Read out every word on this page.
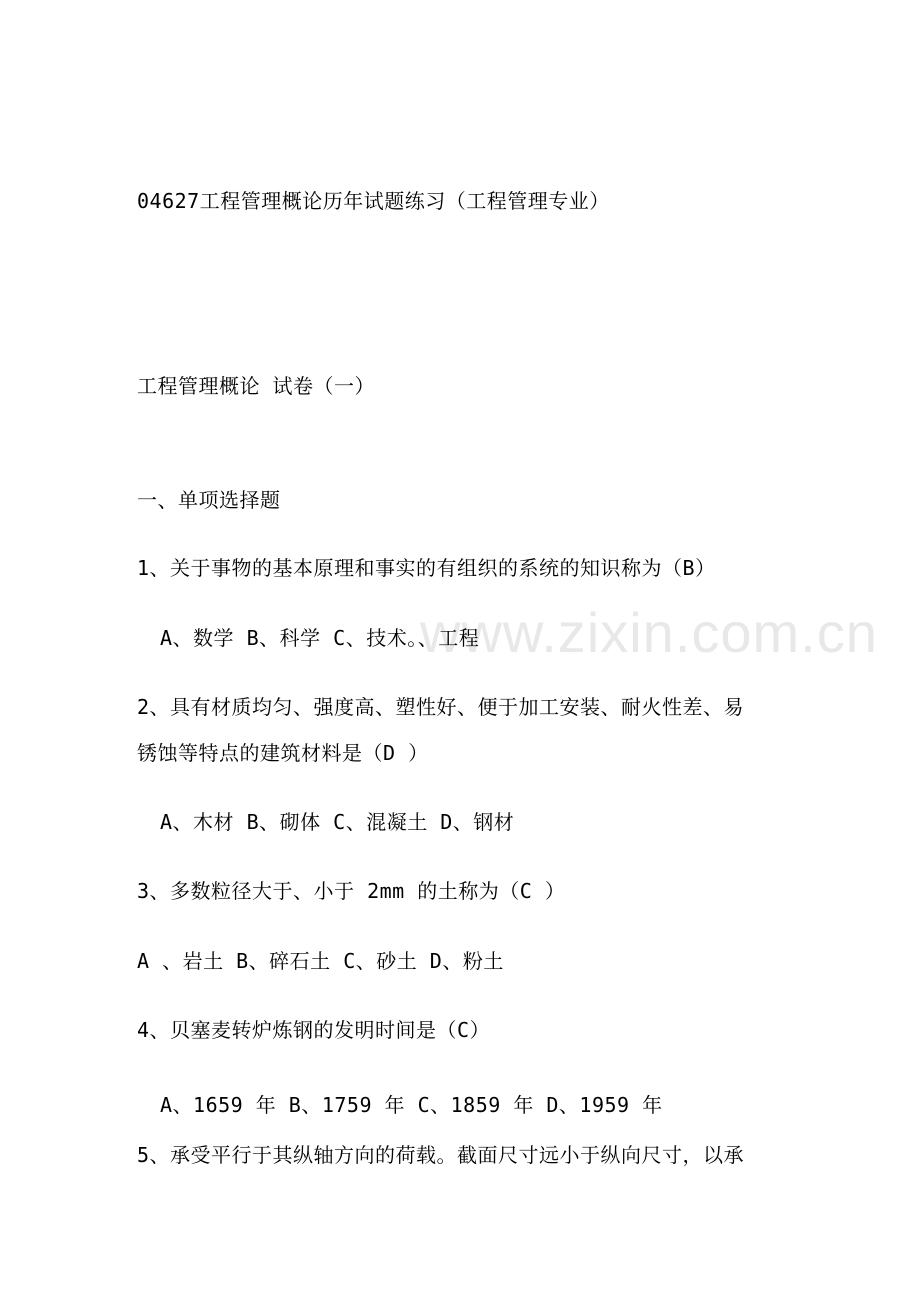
www.zixin.com.cn
04627工程管理概论历年试题练习（工程管理专业）
工程管理概论 试卷（一）
一、单项选择题
1、关于事物的基本原理和事实的有组织的系统的知识称为（B）
A、数学 B、科学 C、技术。、工程
2、具有材质均匀、强度高、塑性好、便于加工安装、耐火性差、易
锈蚀等特点的建筑材料是（D ）
A、木材 B、砌体 C、混凝土 D、钢材
3、多数粒径大于、小于 2mm 的土称为（C ）
A 、岩土 B、碎石土 C、砂土 D、粉土
4、贝塞麦转炉炼钢的发明时间是（C）
A、1659 年 B、1759 年 C、1859 年 D、1959 年
5、承受平行于其纵轴方向的荷载。截面尺寸远小于纵向尺寸，以承
